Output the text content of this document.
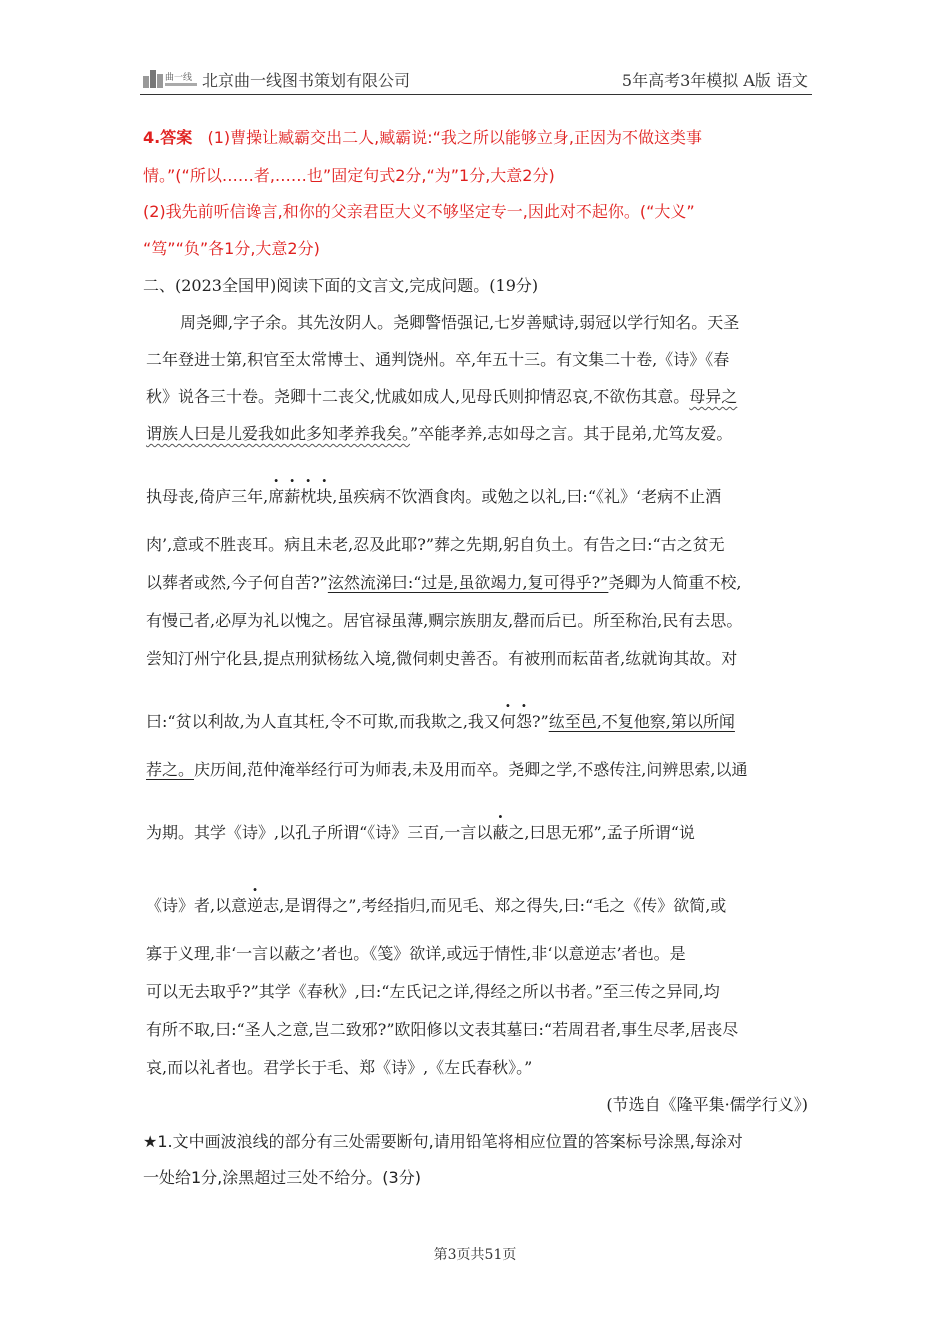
曲一线 北京曲一线图书策划有限公司	5年高考3年模拟 A版 语文
4.答案 (1)曹操让臧霸交出二人,臧霸说:“我之所以能够立身,正因为不做这类事
情。”(“所以……者,……也”固定句式2分,“为”1分,大意2分)
(2)我先前听信谗言,和你的父亲君臣大义不够坚定专一,因此对不起你。(“大义”
“笃”“负”各1分,大意2分)
二、(2023全国甲)阅读下面的文言文,完成问题。(19分)
周尧卿,字子余。其先汝阴人。尧卿警悟强记,七岁善赋诗,弱冠以学行知名。天圣
二年登进士第,积官至太常博士、通判饶州。卒,年五十三。有文集二十卷,《诗》《春
秋》说各三十卷。尧卿十二丧父,忧戚如成人,见母氏则抑情忍哀,不欲伤其意。母异之
谓族人曰是儿爱我如此多知孝养我矣。”卒能孝养,志如母之言。其于昆弟,尤笃友爱。
执母丧,倚庐三年,席薪枕块,虽疾病不饮酒食肉。或勉之以礼,曰:“《礼》‘老病不止酒
肉’,意或不胜丧耳。病且未老,忍及此耶?”葬之先期,躬自负土。有告之曰:“古之贫无
以葬者或然,今子何自苦?”泫然流涕曰:“过是,虽欲竭力,复可得乎?”尧卿为人简重不校,
有慢己者,必厚为礼以愧之。居官禄虽薄,赒宗族朋友,罄而后已。所至称治,民有去思。
尝知汀州宁化县,提点刑狱杨纮入境,微伺刺史善否。有被刑而耘苗者,纮就询其故。对
曰:“贫以利故,为人直其枉,令不可欺,而我欺之,我又何怨?”纮至邑,不复他察,第以所闻
荐之。庆历间,范仲淹举经行可为师表,未及用而卒。尧卿之学,不惑传注,问辨思索,以通
为期。其学《诗》,以孔子所谓“《诗》三百,一言以蔽之,曰思无邪”,孟子所谓“说
《诗》者,以意逆志,是谓得之”,考经指归,而见毛、郑之得失,曰:“毛之《传》欲简,或
寡于义理,非‘一言以蔽之’者也。《笺》欲详,或远于情性,非‘以意逆志’者也。是
可以无去取乎?”其学《春秋》,曰:“左氏记之详,得经之所以书者。”至三传之异同,均
有所不取,曰:“圣人之意,岂二致邪?”欧阳修以文表其墓曰:“若周君者,事生尽孝,居丧尽
哀,而以礼者也。君学长于毛、郑《诗》,《左氏春秋》。”
(节选自《隆平集·儒学行义》)
★1.文中画波浪线的部分有三处需要断句,请用铅笔将相应位置的答案标号涂黑,每涂对
一处给1分,涂黑超过三处不给分。(3分)
第3页共51页
